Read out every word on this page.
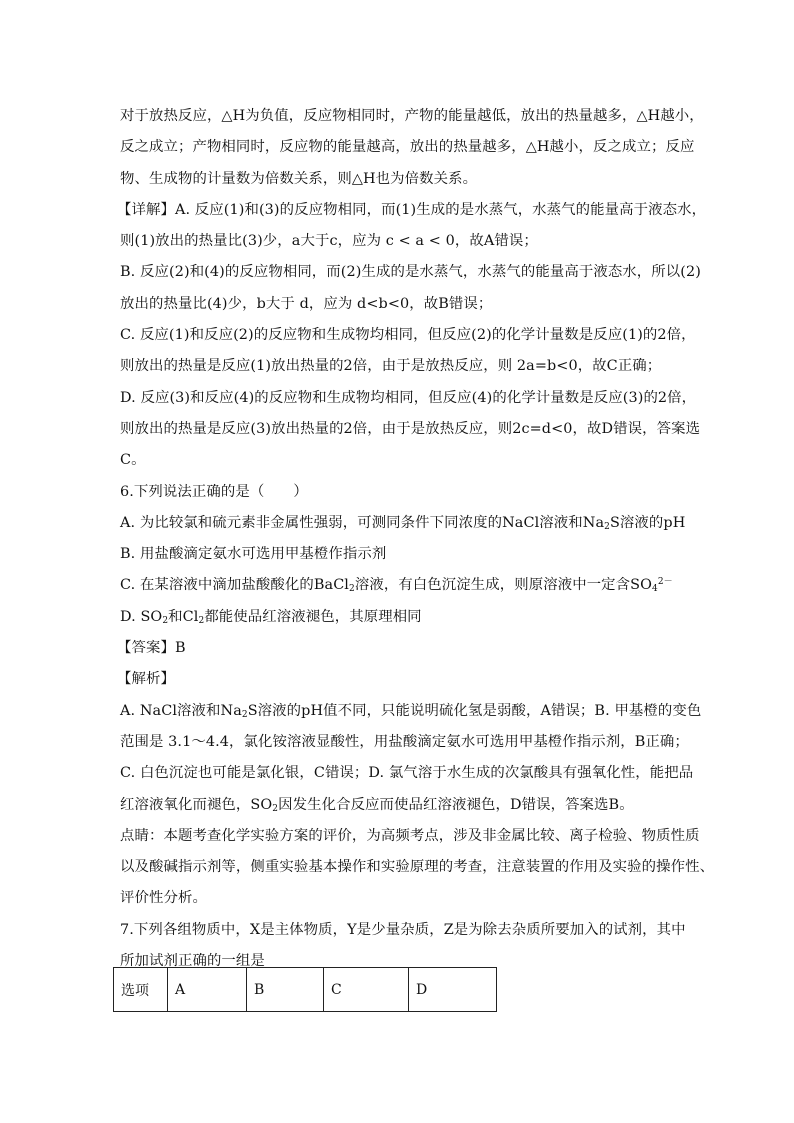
对于放热反应，△H为负值，反应物相同时，产物的能量越低，放出的热量越多，△H越小，
反之成立；产物相同时，反应物的能量越高，放出的热量越多，△H越小，反之成立；反应
物、生成物的计量数为倍数关系，则△H也为倍数关系。
【详解】A. 反应(1)和(3)的反应物相同，而(1)生成的是水蒸气，水蒸气的能量高于液态水，
则(1)放出的热量比(3)少，a大于c，应为 c < a < 0，故A错误；
B. 反应(2)和(4)的反应物相同，而(2)生成的是水蒸气，水蒸气的能量高于液态水，所以(2)
放出的热量比(4)少，b大于 d，应为 d<b<0，故B错误；
C. 反应(1)和反应(2)的反应物和生成物均相同，但反应(2)的化学计量数是反应(1)的2倍，
则放出的热量是反应(1)放出热量的2倍，由于是放热反应，则 2a=b<0，故C正确；
D. 反应(3)和反应(4)的反应物和生成物均相同，但反应(4)的化学计量数是反应(3)的2倍，
则放出的热量是反应(3)放出热量的2倍，由于是放热反应，则2c=d<0，故D错误，答案选
C。
6.下列说法正确的是（　　）
A. 为比较氯和硫元素非金属性强弱，可测同条件下同浓度的NaCl溶液和$Na_2S$溶液的pH
B. 用盐酸滴定氨水可选用甲基橙作指示剂
C. 在某溶液中滴加盐酸酸化的BaCl$_2$溶液，有白色沉淀生成，则原溶液中一定含$SO_4^{2-}$
D. $SO_2$和$Cl_2$都能使品红溶液褪色，其原理相同
【答案】B
【解析】
A. NaCl溶液和$Na_2S$溶液的pH值不同，只能说明硫化氢是弱酸，A错误；B. 甲基橙的变色
范围是 3.1～4.4，氯化铵溶液显酸性，用盐酸滴定氨水可选用甲基橙作指示剂，B正确；
C. 白色沉淀也可能是氯化银，C错误；D. 氯气溶于水生成的次氯酸具有强氧化性，能把品
红溶液氧化而褪色，$SO_2$因发生化合反应而使品红溶液褪色，D错误，答案选B。
点睛：本题考查化学实验方案的评价，为高频考点，涉及非金属比较、离子检验、物质性质
以及酸碱指示剂等，侧重实验基本操作和实验原理的考查，注意装置的作用及实验的操作性、
评价性分析。
7.下列各组物质中，X是主体物质，Y是少量杂质，Z是为除去杂质所要加入的试剂，其中
所加试剂正确的一组是
选项	A	B	C	D
